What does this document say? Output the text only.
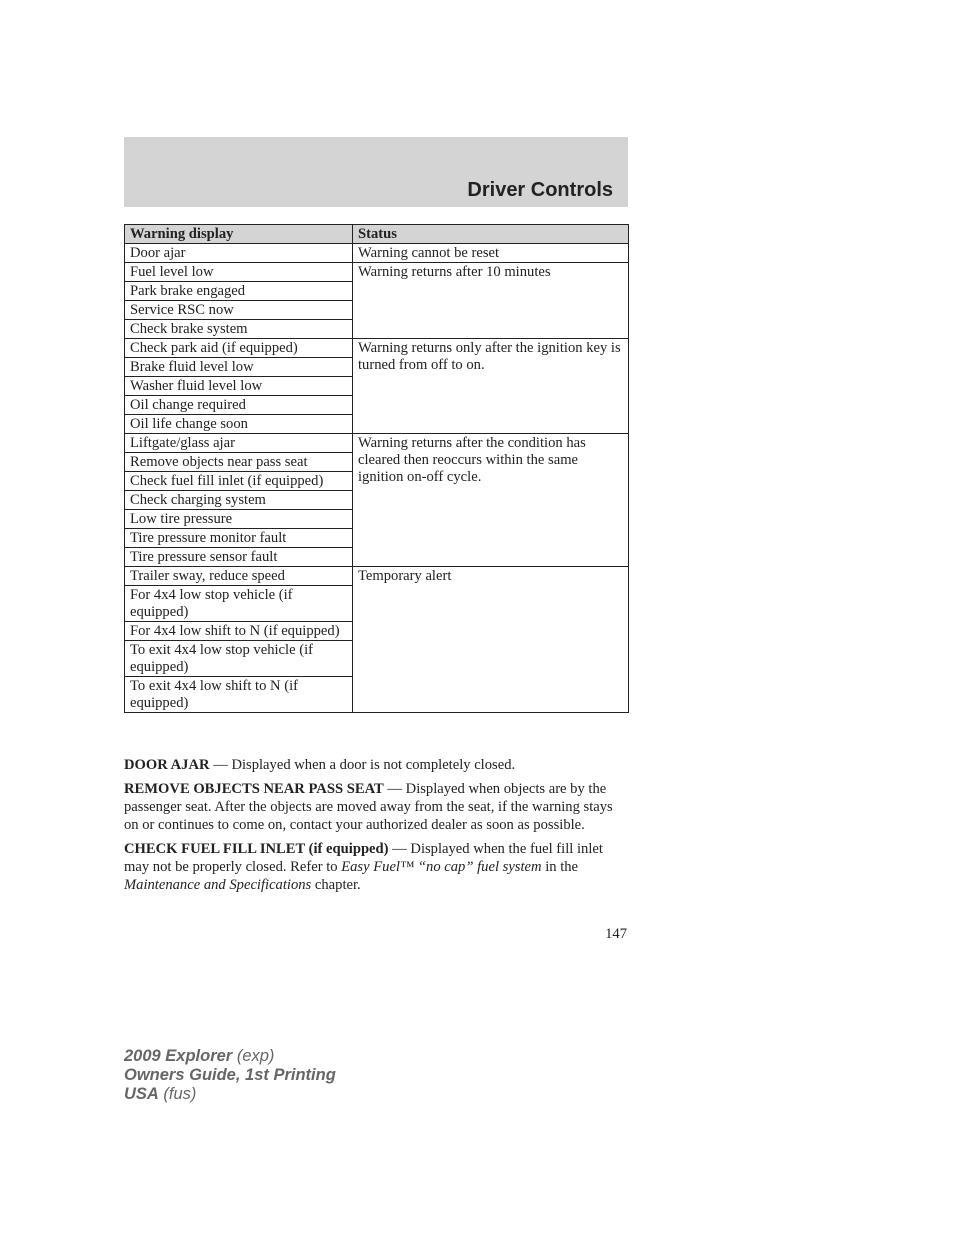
Driver Controls
Warning display	Status
Door ajar	Warning cannot be reset
Fuel level low	Warning returns after 10 minutes
Park brake engaged	
Service RSC now	
Check brake system	
Check park aid (if equipped)	Warning returns only after the ignition key is turned from off to on.
Brake fluid level low	
Washer fluid level low	
Oil change required	
Oil life change soon	
Liftgate/glass ajar	Warning returns after the condition has cleared then reoccurs within the same ignition on-off cycle.
Remove objects near pass seat	
Check fuel fill inlet (if equipped)	
Check charging system	
Low tire pressure	
Tire pressure monitor fault	
Tire pressure sensor fault	
Trailer sway, reduce speed	Temporary alert
For 4x4 low stop vehicle (if equipped)	
For 4x4 low shift to N (if equipped)	
To exit 4x4 low stop vehicle (if equipped)	
To exit 4x4 low shift to N (if equipped)	

DOOR AJAR — Displayed when a door is not completely closed.

REMOVE OBJECTS NEAR PASS SEAT — Displayed when objects are by the passenger seat. After the objects are moved away from the seat, if the warning stays on or continues to come on, contact your authorized dealer as soon as possible.

CHECK FUEL FILL INLET (if equipped) — Displayed when the fuel fill inlet may not be properly closed. Refer to Easy Fuel™ “no cap” fuel system in the Maintenance and Specifications chapter.

147
2009 Explorer (exp)
Owners Guide, 1st Printing
USA (fus)
